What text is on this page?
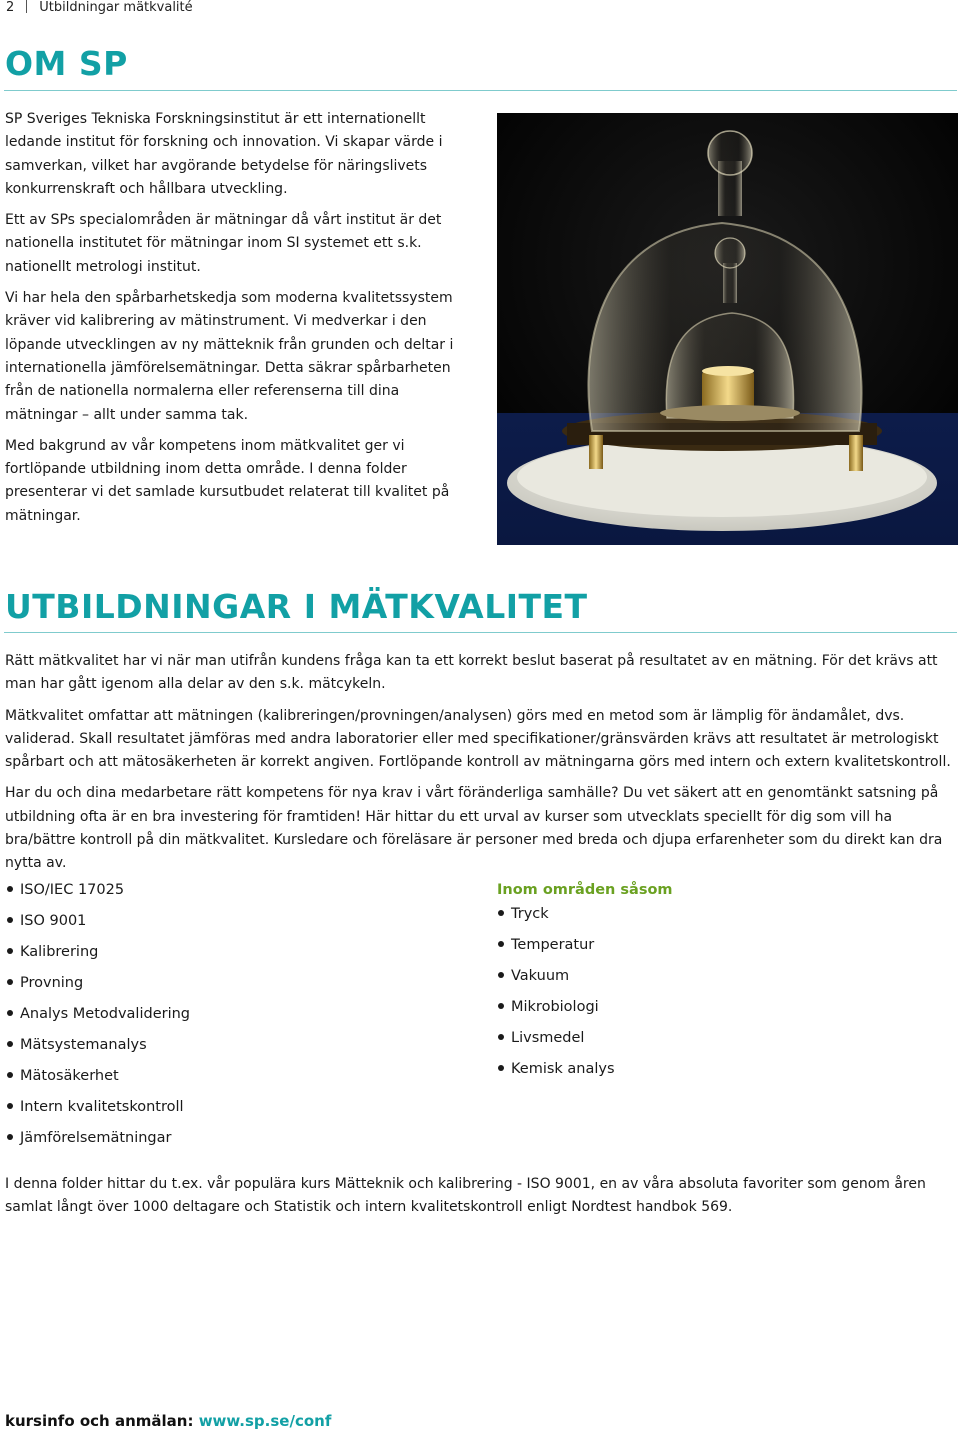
2 Utbildningar mätkvalité
OM SP

SP Sveriges Tekniska Forskningsinstitut är ett internationellt ledande institut för forskning och innovation. Vi skapar värde i samverkan, vilket har avgörande betydelse för näringslivets konkurrenskraft och hållbara utveckling.

Ett av SPs specialområden är mätningar då vårt institut är det nationella institutet för mätningar inom SI systemet ett s.k. nationellt metrologi institut.

Vi har hela den spårbarhetskedja som moderna kvalitetssystem kräver vid kalibrering av mätinstrument. Vi medverkar i den löpande utvecklingen av ny mätteknik från grunden och deltar i internationella jämförelsemätningar. Detta säkrar spårbarheten från de nationella normalerna eller referenserna till dina mätningar – allt under samma tak.

Med bakgrund av vår kompetens inom mätkvalitet ger vi fortlöpande utbildning inom detta område. I denna folder presenterar vi det samlade kursutbudet relaterat till kvalitet på mätningar.

UTBILDNINGAR I MÄTKVALITET

Rätt mätkvalitet har vi när man utifrån kundens fråga kan ta ett korrekt beslut baserat på resultatet av en mätning. För det krävs att man har gått igenom alla delar av den s.k. mätcykeln.

Mätkvalitet omfattar att mätningen (kalibreringen/provningen/analysen) görs med en metod som är lämplig för ändamålet, dvs. validerad. Skall resultatet jämföras med andra laboratorier eller med specifikationer/gränsvärden krävs att resultatet är metrologiskt spårbart och att mätosäkerheten är korrekt angiven. Fortlöpande kontroll av mätningarna görs med intern och extern kvalitetskontroll.

Har du och dina medarbetare rätt kompetens för nya krav i vårt föränderliga samhälle? Du vet säkert att en genomtänkt satsning på utbildning ofta är en bra investering för framtiden! Här hittar du ett urval av kurser som utvecklats speciellt för dig som vill ha bra/bättre kontroll på din mätkvalitet. Kursledare och föreläsare är personer med breda och djupa erfarenheter som du direkt kan dra nytta av.

ISO/IEC 17025
ISO 9001
Kalibrering
Provning
Analys Metodvalidering
Mätsystemanalys
Mätosäkerhet
Intern kvalitetskontroll
Jämförelsemätningar
Inom områden såsom
Tryck
Temperatur
Vakuum
Mikrobiologi
Livsmedel
Kemisk analys

I denna folder hittar du t.ex. vår populära kurs Mätteknik och kalibrering - ISO 9001, en av våra absoluta favoriter som genom åren samlat långt över 1000 deltagare och Statistik och intern kvalitetskontroll enligt Nordtest handbok 569.

kursinfo och anmälan: www.sp.se/conf
